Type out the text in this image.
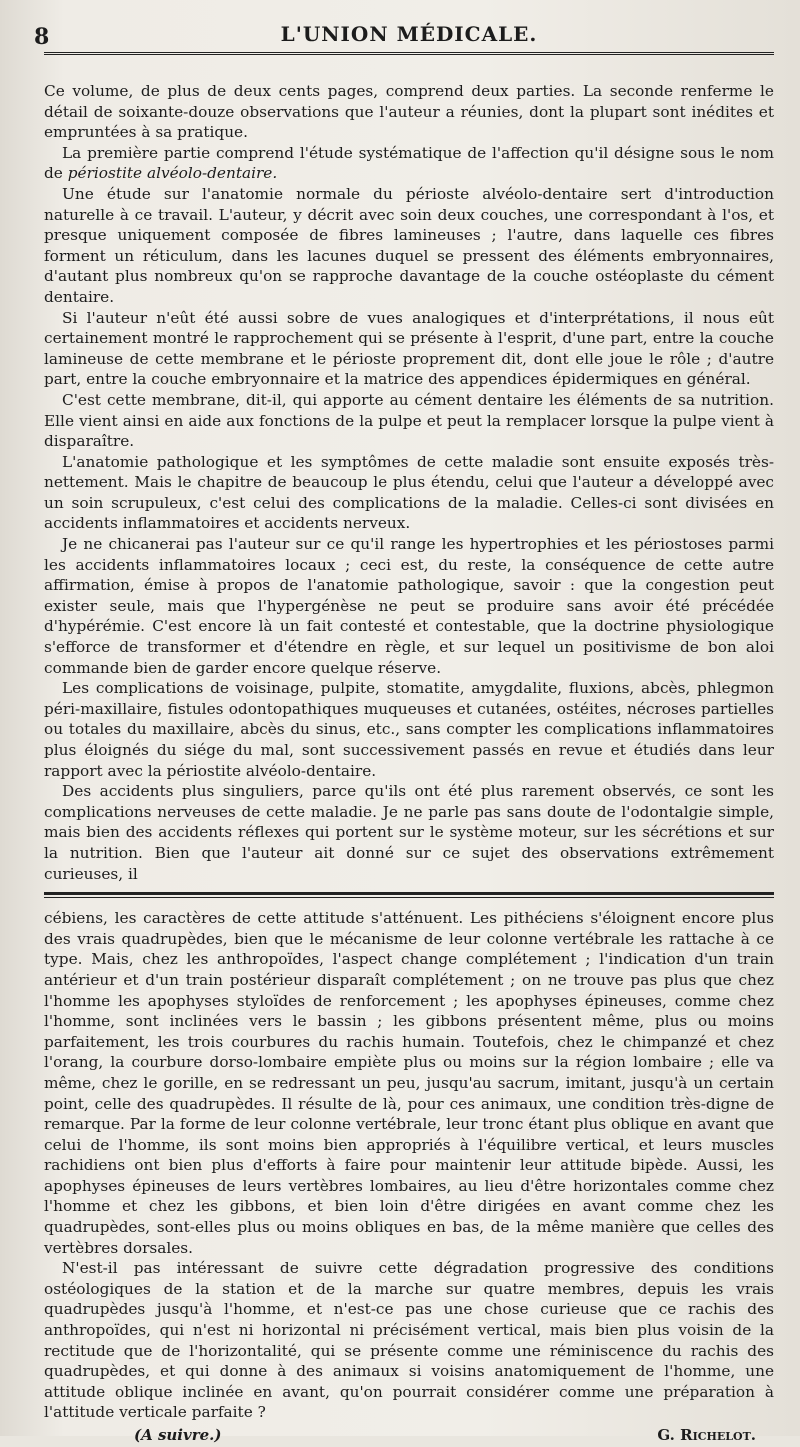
8	L'UNION MÉDICALE.

Ce volume, de plus de deux cents pages, comprend deux parties. La seconde renferme le détail de soixante-douze observations que l'auteur a réunies, dont la plupart sont inédites et empruntées à sa pratique.

La première partie comprend l'étude systématique de l'affection qu'il désigne sous le nom de périostite alvéolo-dentaire.

Une étude sur l'anatomie normale du périoste alvéolo-dentaire sert d'introduction naturelle à ce travail. L'auteur, y décrit avec soin deux couches, une correspondant à l'os, et presque uniquement composée de fibres lamineuses ; l'autre, dans laquelle ces fibres forment un réticulum, dans les lacunes duquel se pressent des éléments embryonnaires, d'autant plus nombreux qu'on se rapproche davantage de la couche ostéoplaste du cément dentaire.

Si l'auteur n'eût été aussi sobre de vues analogiques et d'interprétations, il nous eût certainement montré le rapprochement qui se présente à l'esprit, d'une part, entre la couche lamineuse de cette membrane et le périoste proprement dit, dont elle joue le rôle ; d'autre part, entre la couche embryonnaire et la matrice des appendices épidermiques en général.

C'est cette membrane, dit-il, qui apporte au cément dentaire les éléments de sa nutrition. Elle vient ainsi en aide aux fonctions de la pulpe et peut la remplacer lorsque la pulpe vient à disparaître.

L'anatomie pathologique et les symptômes de cette maladie sont ensuite exposés très-nettement. Mais le chapitre de beaucoup le plus étendu, celui que l'auteur a développé avec un soin scrupuleux, c'est celui des complications de la maladie. Celles-ci sont divisées en accidents inflammatoires et accidents nerveux.

Je ne chicanerai pas l'auteur sur ce qu'il range les hypertrophies et les périostoses parmi les accidents inflammatoires locaux ; ceci est, du reste, la conséquence de cette autre affirmation, émise à propos de l'anatomie pathologique, savoir : que la congestion peut exister seule, mais que l'hypergénèse ne peut se produire sans avoir été précédée d'hypérémie. C'est encore là un fait contesté et contestable, que la doctrine physiologique s'efforce de transformer et d'étendre en règle, et sur lequel un positivisme de bon aloi commande bien de garder encore quelque réserve.

Les complications de voisinage, pulpite, stomatite, amygdalite, fluxions, abcès, phlegmon péri-maxillaire, fistules odontopathiques muqueuses et cutanées, ostéites, nécroses partielles ou totales du maxillaire, abcès du sinus, etc., sans compter les complications inflammatoires plus éloignés du siége du mal, sont successivement passés en revue et étudiés dans leur rapport avec la périostite alvéolo-dentaire.

Des accidents plus singuliers, parce qu'ils ont été plus rarement observés, ce sont les complications nerveuses de cette maladie. Je ne parle pas sans doute de l'odontalgie simple, mais bien des accidents réflexes qui portent sur le système moteur, sur les sécrétions et sur la nutrition. Bien que l'auteur ait donné sur ce sujet des observations extrêmement curieuses, il

cébiens, les caractères de cette attitude s'atténuent. Les pithéciens s'éloignent encore plus des vrais quadrupèdes, bien que le mécanisme de leur colonne vertébrale les rattache à ce type. Mais, chez les anthropoïdes, l'aspect change complétement ; l'indication d'un train antérieur et d'un train postérieur disparaît complétement ; on ne trouve pas plus que chez l'homme les apophyses styloïdes de renforcement ; les apophyses épineuses, comme chez l'homme, sont inclinées vers le bassin ; les gibbons présentent même, plus ou moins parfaitement, les trois courbures du rachis humain. Toutefois, chez le chimpanzé et chez l'orang, la courbure dorso-lombaire empiète plus ou moins sur la région lombaire ; elle va même, chez le gorille, en se redressant un peu, jusqu'au sacrum, imitant, jusqu'à un certain point, celle des quadrupèdes. Il résulte de là, pour ces animaux, une condition très-digne de remarque. Par la forme de leur colonne vertébrale, leur tronc étant plus oblique en avant que celui de l'homme, ils sont moins bien appropriés à l'équilibre vertical, et leurs muscles rachidiens ont bien plus d'efforts à faire pour maintenir leur attitude bipède. Aussi, les apophyses épineuses de leurs vertèbres lombaires, au lieu d'être horizontales comme chez l'homme et chez les gibbons, et bien loin d'être dirigées en avant comme chez les quadrupèdes, sont-elles plus ou moins obliques en bas, de la même manière que celles des vertèbres dorsales.

N'est-il pas intéressant de suivre cette dégradation progressive des conditions ostéologiques de la station et de la marche sur quatre membres, depuis les vrais quadrupèdes jusqu'à l'homme, et n'est-ce pas une chose curieuse que ce rachis des anthropoïdes, qui n'est ni horizontal ni précisément vertical, mais bien plus voisin de la rectitude que de l'horizontalité, qui se présente comme une réminiscence du rachis des quadrupèdes, et qui donne à des animaux si voisins anatomiquement de l'homme, une attitude oblique inclinée en avant, qu'on pourrait considérer comme une préparation à l'attitude verticale parfaite ?

(A suivre.)	G. Richelot.
